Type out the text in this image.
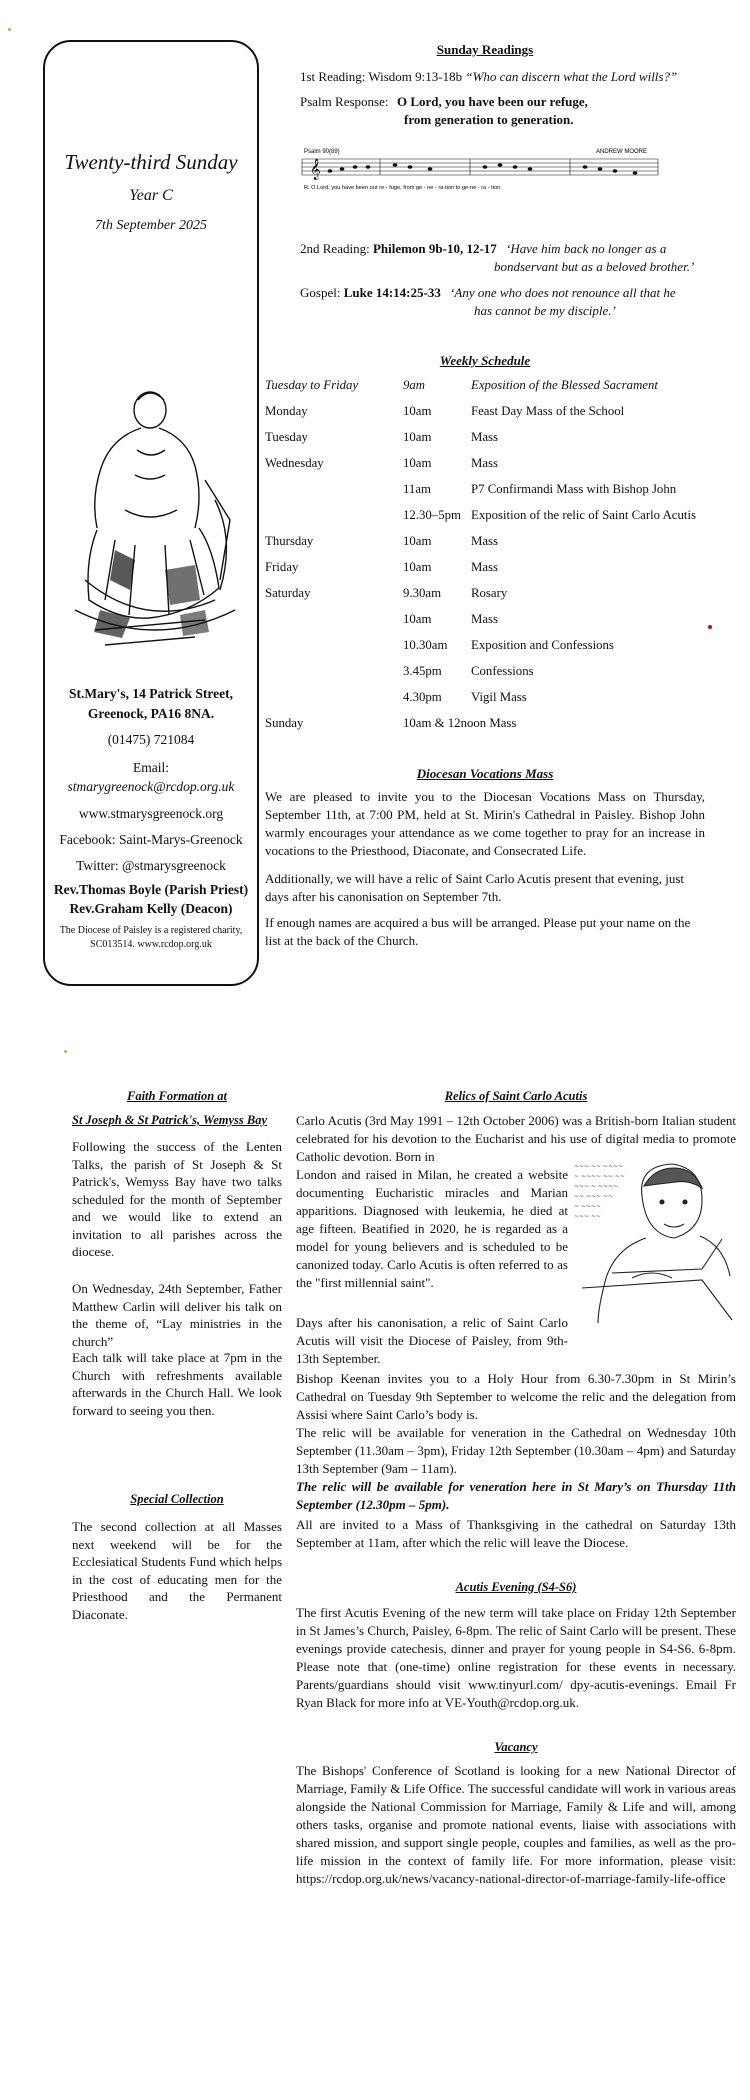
Twenty-third Sunday
Year C
7th September 2025
St.Mary's, 14 Patrick Street,
Greenock, PA16 8NA.
(01475) 721084
Email:
stmarygreenock@rcdop.org.uk
www.stmarysgreenock.org
Facebook: Saint-Marys-Greenock
Twitter: @stmarysgreenock
Rev.Thomas Boyle (Parish Priest)
Rev.Graham Kelly (Deacon)
The Diocese of Paisley is a registered charity,
SC013514. www.rcdop.org.uk
Sunday Readings
1st Reading: Wisdom 9:13-18b “Who can discern what the Lord wills?”
Psalm Response: O Lord, you have been our refuge,
from generation to generation.
Psalm 90(89)	ANDREW MOORE
𝄞
R. O Lord, you have been our re - fuge, from ge - ne - ra-tion to ge-ne - ra - tion.
2nd Reading: Philemon 9b-10, 12-17 ‘Have him back no longer as a
bondservant but as a beloved brother.’
Gospel: Luke 14:14:25-33 ‘Any one who does not renounce all that he
has cannot be my disciple.’
Weekly Schedule
Tuesday to Friday	9am	Exposition of the Blessed Sacrament
Monday	10am	Feast Day Mass of the School
Tuesday	10am	Mass
Wednesday	10am	Mass
11am	P7 Confirmandi Mass with Bishop John
12.30–5pm Exposition of the relic of Saint Carlo Acutis
Thursday	10am	Mass
Friday	10am	Mass
Saturday	9.30am Rosary
10am	Mass
10.30am Exposition and Confessions
3.45pm Confessions
4.30pm Vigil Mass
Sunday	10am & 12noon Mass
Diocesan Vocations Mass
We are pleased to invite you to the Diocesan Vocations Mass on Thursday, September 11th, at 7:00 PM, held at St. Mirin's Cathedral in Paisley. Bishop John warmly encourages your attendance as we come together to pray for an increase in vocations to the Priesthood, Diaconate, and Consecrated Life.
Additionally, we will have a relic of Saint Carlo Acutis present that evening, just days after his canonisation on September 7th.
If enough names are acquired a bus will be arranged. Please put your name on the list at the back of the Church.
Faith Formation at
St Joseph & St Patrick's, Wemyss Bay
Following the success of the Lenten Talks, the parish of St Joseph & St Patrick's, Wemyss Bay have two talks scheduled for the month of September and we would like to extend an invitation to all parishes across the diocese.
On Wednesday, 24th September, Father Matthew Carlin will deliver his talk on the theme of, “Lay ministries in the church”
Each talk will take place at 7pm in the Church with refreshments available afterwards in the Church Hall. We look forward to seeing you then.
Special Collection
The second collection at all Masses next weekend will be for the Ecclesiatical Students Fund which helps in the cost of educating men for the Priesthood and the Permanent Diaconate.
Relics of Saint Carlo Acutis
Carlo Acutis (3rd May 1991 – 12th October 2006) was a British-born Italian student celebrated for his devotion to the Eucharist and his use of digital media to promote Catholic devotion. Born in
London and raised in Milan, he created a website documenting Eucharistic miracles and Marian apparitions. Diagnosed with leukemia, he died at age fifteen. Beatified in 2020, he is regarded as a model for young believers and is scheduled to be canonized today. Carlo Acutis is often referred to as the "first millennial saint".
~~~ ~~ ~~~~
~ ~~~~ ~~ ~~
~~~ ~ ~~~~
~~ ~~~ ~~
~ ~~~~
~~~ ~~
Days after his canonisation, a relic of Saint Carlo Acutis will visit the Diocese of Paisley, from 9th-13th September.
Bishop Keenan invites you to a Holy Hour from 6.30-7.30pm in St Mirin’s Cathedral on Tuesday 9th September to welcome the relic and the delegation from Assisi where Saint Carlo’s body is.
The relic will be available for veneration in the Cathedral on Wednesday 10th September (11.30am – 3pm), Friday 12th September (10.30am – 4pm) and Saturday 13th September (9am – 11am).
The relic will be available for veneration here in St Mary’s on Thursday 11th September (12.30pm – 5pm).
All are invited to a Mass of Thanksgiving in the cathedral on Saturday 13th September at 11am, after which the relic will leave the Diocese.
Acutis Evening (S4-S6)
The first Acutis Evening of the new term will take place on Friday 12th September in St James’s Church, Paisley, 6-8pm. The relic of Saint Carlo will be present. These evenings provide catechesis, dinner and prayer for young people in S4-S6. 6-8pm. Please note that (one-time) online registration for these events in necessary. Parents/guardians should visit www.tinyurl.com/ dpy-acutis-evenings. Email Fr Ryan Black for more info at VE-Youth@rcdop.org.uk.
Vacancy
The Bishops' Conference of Scotland is looking for a new National Director of Marriage, Family & Life Office. The successful candidate will work in various areas alongside the National Commission for Marriage, Family & Life and will, among others tasks, organise and promote national events, liaise with associations with shared mission, and support single people, couples and families, as well as the pro-life mission in the context of family life. For more information, please visit: https://rcdop.org.uk/news/vacancy-national-director-of-marriage-family-life-office
